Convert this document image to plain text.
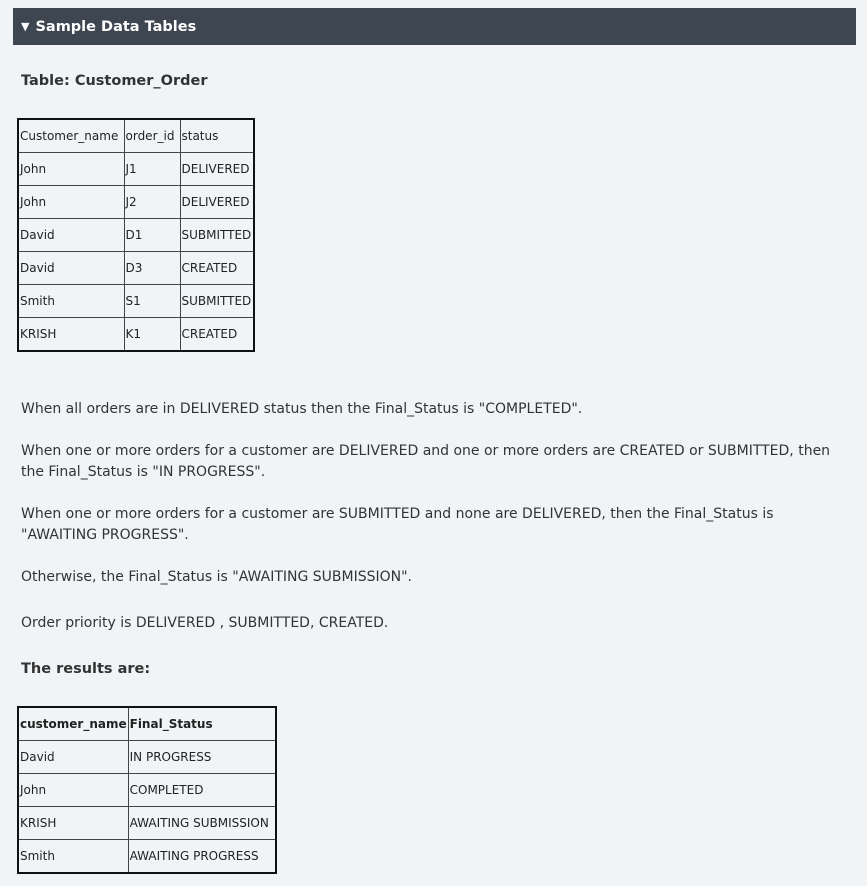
▼ Sample Data Tables
Table: Customer_Order
Customer_name	order_id	status
John	J1	DELIVERED
John	J2	DELIVERED
David	D1	SUBMITTED
David	D3	CREATED
Smith	S1	SUBMITTED
KRISH	K1	CREATED

When all orders are in DELIVERED status then the Final_Status is "COMPLETED".

When one or more orders for a customer are DELIVERED and one or more orders are CREATED or SUBMITTED, then the Final_Status is "IN PROGRESS".

When one or more orders for a customer are SUBMITTED and none are DELIVERED, then the Final_Status is "AWAITING PROGRESS".

Otherwise, the Final_Status is "AWAITING SUBMISSION".

Order priority is DELIVERED , SUBMITTED, CREATED.

The results are:
customer_name	Final_Status
David	IN PROGRESS
John	COMPLETED
KRISH	AWAITING SUBMISSION
Smith	AWAITING PROGRESS
